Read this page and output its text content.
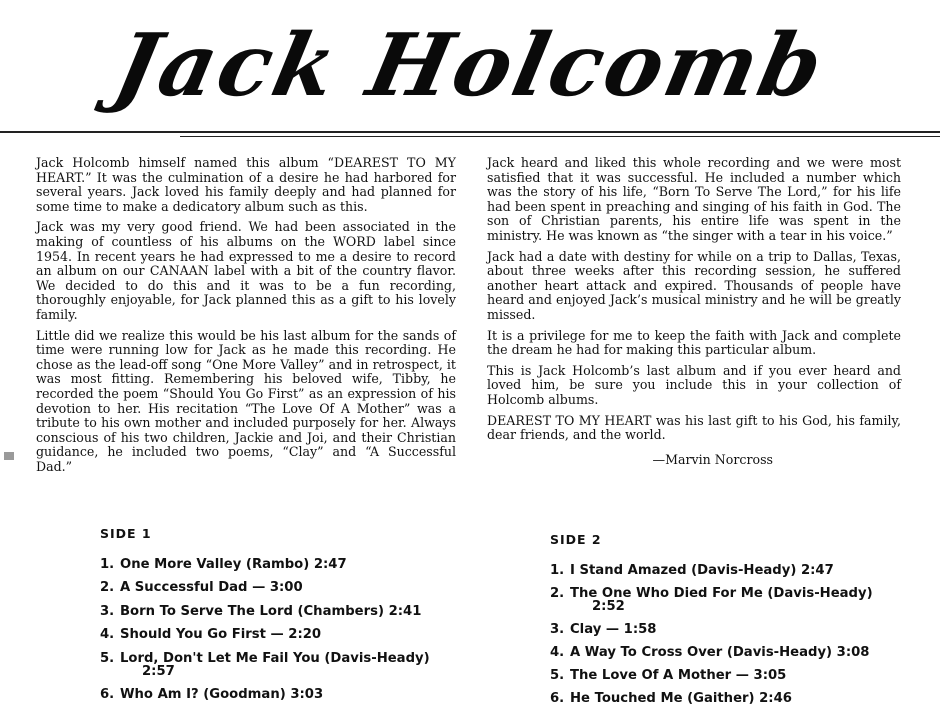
Jack Holcomb

Jack Holcomb himself named this album “DEAREST TO MY HEART.” It was the culmination of a desire he had harbored for several years. Jack loved his family deeply and had planned for some time to make a dedicatory album such as this.

Jack was my very good friend. We had been associated in the making of countless of his albums on the WORD label since 1954. In recent years he had expressed to me a desire to record an album on our CANAAN label with a bit of the country flavor. We decided to do this and it was to be a fun recording, thoroughly enjoyable, for Jack planned this as a gift to his lovely family.

Little did we realize this would be his last album for the sands of time were running low for Jack as he made this recording. He chose as the lead-off song “One More Valley” and in retrospect, it was most fitting. Remembering his beloved wife, Tibby, he recorded the poem “Should You Go First” as an expression of his devotion to her. His recitation “The Love Of A Mother” was a tribute to his own mother and included purposely for her. Always conscious of his two children, Jackie and Joi, and their Christian guidance, he included two poems, “Clay” and “A Successful Dad.”

Jack heard and liked this whole recording and we were most satisfied that it was successful. He included a number which was the story of his life, “Born To Serve The Lord,” for his life had been spent in preaching and singing of his faith in God. The son of Christian parents, his entire life was spent in the ministry. He was known as “the singer with a tear in his voice.”

Jack had a date with destiny for while on a trip to Dallas, Texas, about three weeks after this recording session, he suffered another heart attack and expired. Thousands of people have heard and enjoyed Jack’s musical ministry and he will be greatly missed.

It is a privilege for me to keep the faith with Jack and complete the dream he had for making this particular album.

This is Jack Holcomb’s last album and if you ever heard and loved him, be sure you include this in your collection of Holcomb albums.

DEAREST TO MY HEART was his last gift to his God, his family, dear friends, and the world.

—Marvin Norcross
SIDE 1
1. One More Valley (Rambo) 2:47
2. A Successful Dad — 3:00
3. Born To Serve The Lord (Chambers) 2:41
4. Should You Go First — 2:20
5. Lord, Don't Let Me Fail You (Davis-Heady)
2:57
6. Who Am I? (Goodman) 3:03
SIDE 2
1. I Stand Amazed (Davis-Heady) 2:47
2. The One Who Died For Me (Davis-Heady)
2:52
3. Clay — 1:58
4. A Way To Cross Over (Davis-Heady) 3:08
5. The Love Of A Mother — 3:05
6. He Touched Me (Gaither) 2:46
